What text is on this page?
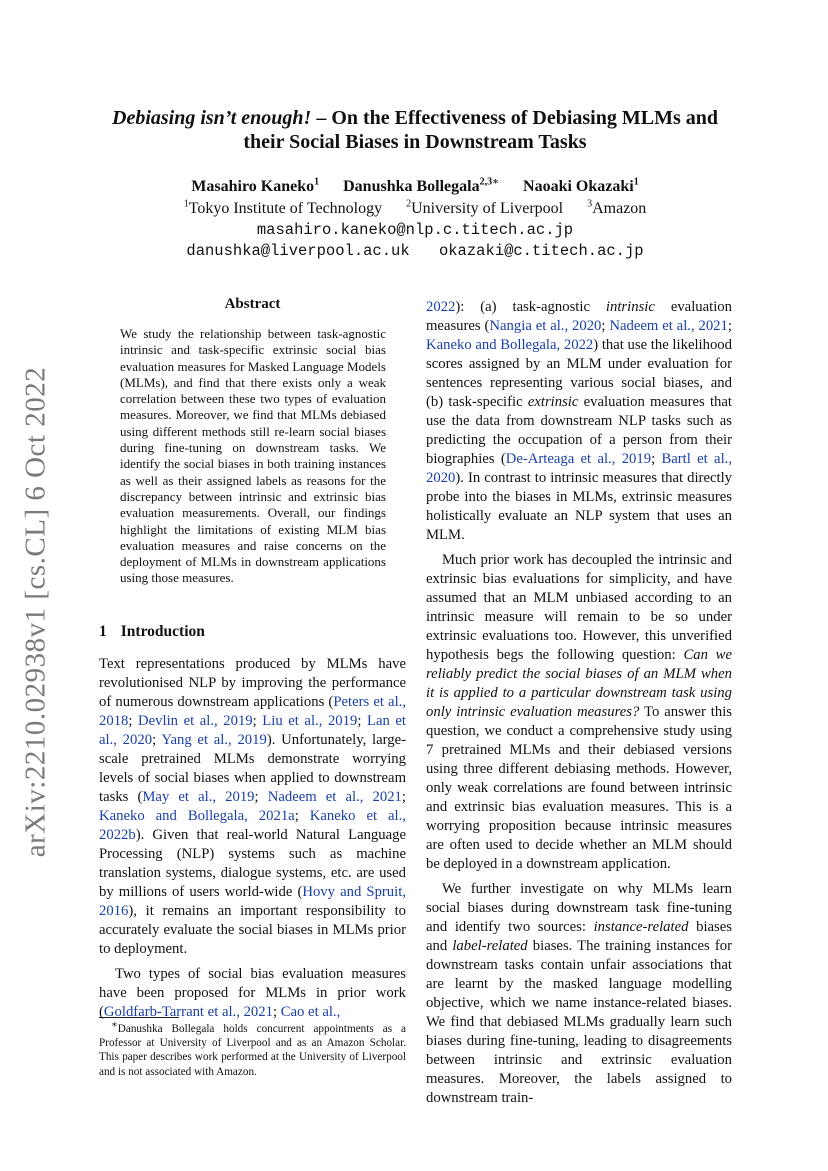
arXiv:2210.02938v1 [cs.CL] 6 Oct 2022
Debiasing isn’t enough! – On the Effectiveness of Debiasing MLMs and their Social Biases in Downstream Tasks
Masahiro Kaneko$^1$ Danushka Bollegala$^{2,3∗}$ Naoaki Okazaki$^1$
$^1$Tokyo Institute of Technology $^2$University of Liverpool $^3$Amazon
masahiro.kaneko@nlp.c.titech.ac.jp
danushka@liverpool.ac.uk okazaki@c.titech.ac.jp
Abstract
We study the relationship between task-agnostic intrinsic and task-specific extrinsic social bias evaluation measures for Masked Language Models (MLMs), and find that there exists only a weak correlation between these two types of evaluation measures. Moreover, we find that MLMs debiased using different methods still re-learn social biases during fine-tuning on downstream tasks. We identify the social biases in both training instances as well as their assigned labels as reasons for the discrepancy between intrinsic and extrinsic bias evaluation measurements. Overall, our findings highlight the limitations of existing MLM bias evaluation measures and raise concerns on the deployment of MLMs in downstream applications using those measures.
1 Introduction

Text representations produced by MLMs have revolutionised NLP by improving the performance of numerous downstream applications (Peters et al., 2018; Devlin et al., 2019; Liu et al., 2019; Lan et al., 2020; Yang et al., 2019). Unfortunately, large-scale pretrained MLMs demonstrate worrying levels of social biases when applied to downstream tasks (May et al., 2019; Nadeem et al., 2021; Kaneko and Bollegala, 2021a; Kaneko et al., 2022b). Given that real-world Natural Language Processing (NLP) systems such as machine translation systems, dialogue systems, etc. are used by millions of users world-wide (Hovy and Spruit, 2016), it remains an important responsibility to accurately evaluate the social biases in MLMs prior to deployment.

Two types of social bias evaluation measures have been proposed for MLMs in prior work (Goldfarb-Tarrant et al., 2021; Cao et al.,

∗Danushka Bollegala holds concurrent appointments as a Professor at University of Liverpool and as an Amazon Scholar. This paper describes work performed at the University of Liverpool and is not associated with Amazon.

2022): (a) task-agnostic intrinsic evaluation measures (Nangia et al., 2020; Nadeem et al., 2021; Kaneko and Bollegala, 2022) that use the likelihood scores assigned by an MLM under evaluation for sentences representing various social biases, and (b) task-specific extrinsic evaluation measures that use the data from downstream NLP tasks such as predicting the occupation of a person from their biographies (De-Arteaga et al., 2019; Bartl et al., 2020). In contrast to intrinsic measures that directly probe into the biases in MLMs, extrinsic measures holistically evaluate an NLP system that uses an MLM.

Much prior work has decoupled the intrinsic and extrinsic bias evaluations for simplicity, and have assumed that an MLM unbiased according to an intrinsic measure will remain to be so under extrinsic evaluations too. However, this unverified hypothesis begs the following question: Can we reliably predict the social biases of an MLM when it is applied to a particular downstream task using only intrinsic evaluation measures? To answer this question, we conduct a comprehensive study using 7 pretrained MLMs and their debiased versions using three different debiasing methods. However, only weak correlations are found between intrinsic and extrinsic bias evaluation measures. This is a worrying proposition because intrinsic measures are often used to decide whether an MLM should be deployed in a downstream application.

We further investigate on why MLMs learn social biases during downstream task fine-tuning and identify two sources: instance-related biases and label-related biases. The training instances for downstream tasks contain unfair associations that are learnt by the masked language modelling objective, which we name instance-related biases. We find that debiased MLMs gradually learn such biases during fine-tuning, leading to disagreements between intrinsic and extrinsic evaluation measures. Moreover, the labels assigned to downstream train-
